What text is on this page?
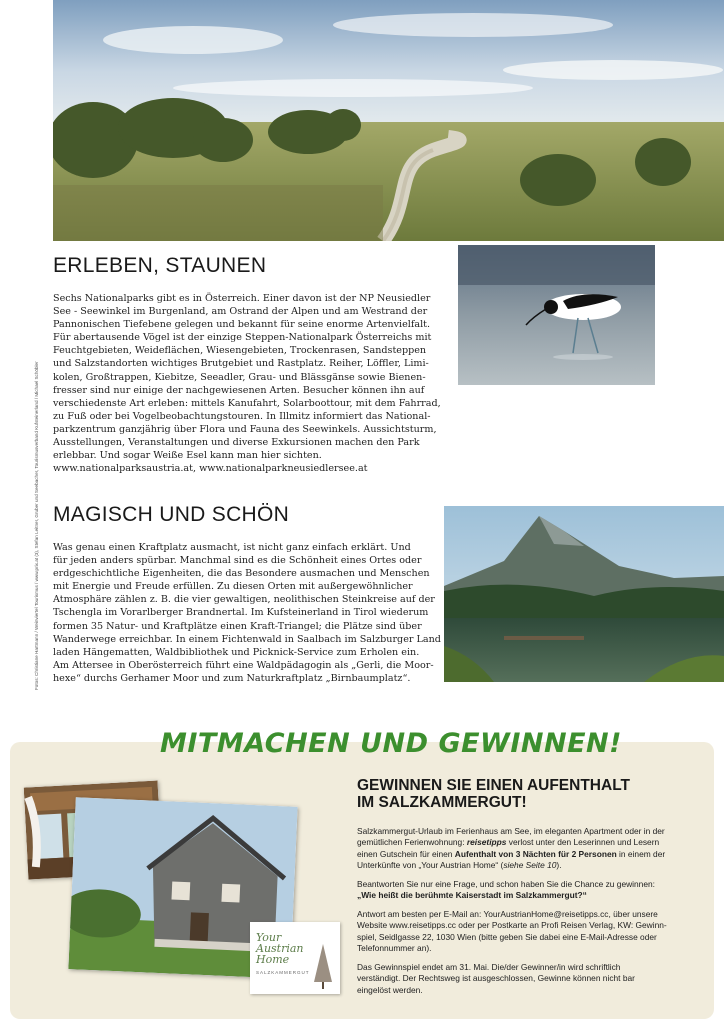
ERLEBEN, STAUNEN
Sechs Nationalparks gibt es in Österreich. Einer davon ist der NP Neusiedler
See - Seewinkel im Burgenland, am Ostrand der Alpen und am Westrand der
Pannonischen Tiefebene gelegen und bekannt für seine enorme Artenvielfalt.
Für abertausende Vögel ist der einzige Steppen-Nationalpark Österreichs mit
Feuchtgebieten, Weideflächen, Wiesengebieten, Trockenrasen, Sandsteppen
und Salzstandorten wichtiges Brutgebiet und Rastplatz. Reiher, Löffler, Limi-
kolen, Großtrappen, Kiebitze, Seeadler, Grau- und Blässgänse sowie Bienen-
fresser sind nur einige der nachgewiesenen Arten. Besucher können ihn auf
verschiedenste Art erleben: mittels Kanufahrt, Solarboottour, mit dem Fahrrad,
zu Fuß oder bei Vogelbeobachtungstouren. In Illmitz informiert das National-
parkzentrum ganzjährig über Flora und Fauna des Seewinkels. Aussichtsturm,
Ausstellungen, Veranstaltungen und diverse Exkursionen machen den Park
erlebbar. Und sogar Weiße Esel kann man hier sichten.
www.nationalparksaustria.at, www.nationalparkneusiedlersee.at
MAGISCH UND SCHÖN
Was genau einen Kraftplatz ausmacht, ist nicht ganz einfach erklärt. Und
für jeden anders spürbar. Manchmal sind es die Schönheit eines Ortes oder
erdgeschichtliche Eigenheiten, die das Besondere ausmachen und Menschen
mit Energie und Freude erfüllen. Zu diesen Orten mit außergewöhnlicher
Atmosphäre zählen z. B. die vier gewaltigen, neolithischen Steinkreise auf der
Tschengla im Vorarlberger Brandnertal. Im Kufsteinerland in Tirol wiederum
formen 35 Natur- und Kraftplätze einen Kraft-Triangel; die Plätze sind über
Wanderwege erreichbar. In einem Fichtenwald in Saalbach im Salzburger Land
laden Hängematten, Waldbibliothek und Picknick-Service zum Erholen ein.
Am Attersee in Oberösterreich führt eine Waldpädagogin als „Gerli, die Moor-
hexe“ durchs Gerhamer Moor und zum Naturkraftplatz „Birnbaumplatz“.
Fotos: Christiane Hartmann / Weinviertel Tourismus / www.prix.at (3), Stefan Leitner, Gruber und Seebacher, Tourismusverband Kufsteinerland / Michael Schöbler
MITMACHEN UND GEWINNEN!
Your Austrian Home
SALZKAMMERGUT
GEWINNEN SIE EINEN AUFENTHALT
IM SALZKAMMERGUT!
Salzkammergut-Urlaub im Ferienhaus am See, im eleganten Apartment oder in der
gemütlichen Ferienwohnung: reisetipps verlost unter den Leserinnen und Lesern
einen Gutschein für einen Aufenthalt von 3 Nächten für 2 Personen in einem der
Unterkünfte von „Your Austrian Home“ (siehe Seite 10).
Beantworten Sie nur eine Frage, und schon haben Sie die Chance zu gewinnen:
„Wie heißt die berühmte Kaiserstadt im Salzkammergut?“
Antwort am besten per E-Mail an: YourAustrianHome@reisetipps.cc, über unsere
Website www.reisetipps.cc oder per Postkarte an Profi Reisen Verlag, KW: Gewinn-
spiel, Seidlgasse 22, 1030 Wien (bitte geben Sie dabei eine E-Mail-Adresse oder
Telefonnummer an).
Das Gewinnspiel endet am 31. Mai. Die/der Gewinner/in wird schriftlich
verständigt. Der Rechtsweg ist ausgeschlossen, Gewinne können nicht bar
eingelöst werden.
